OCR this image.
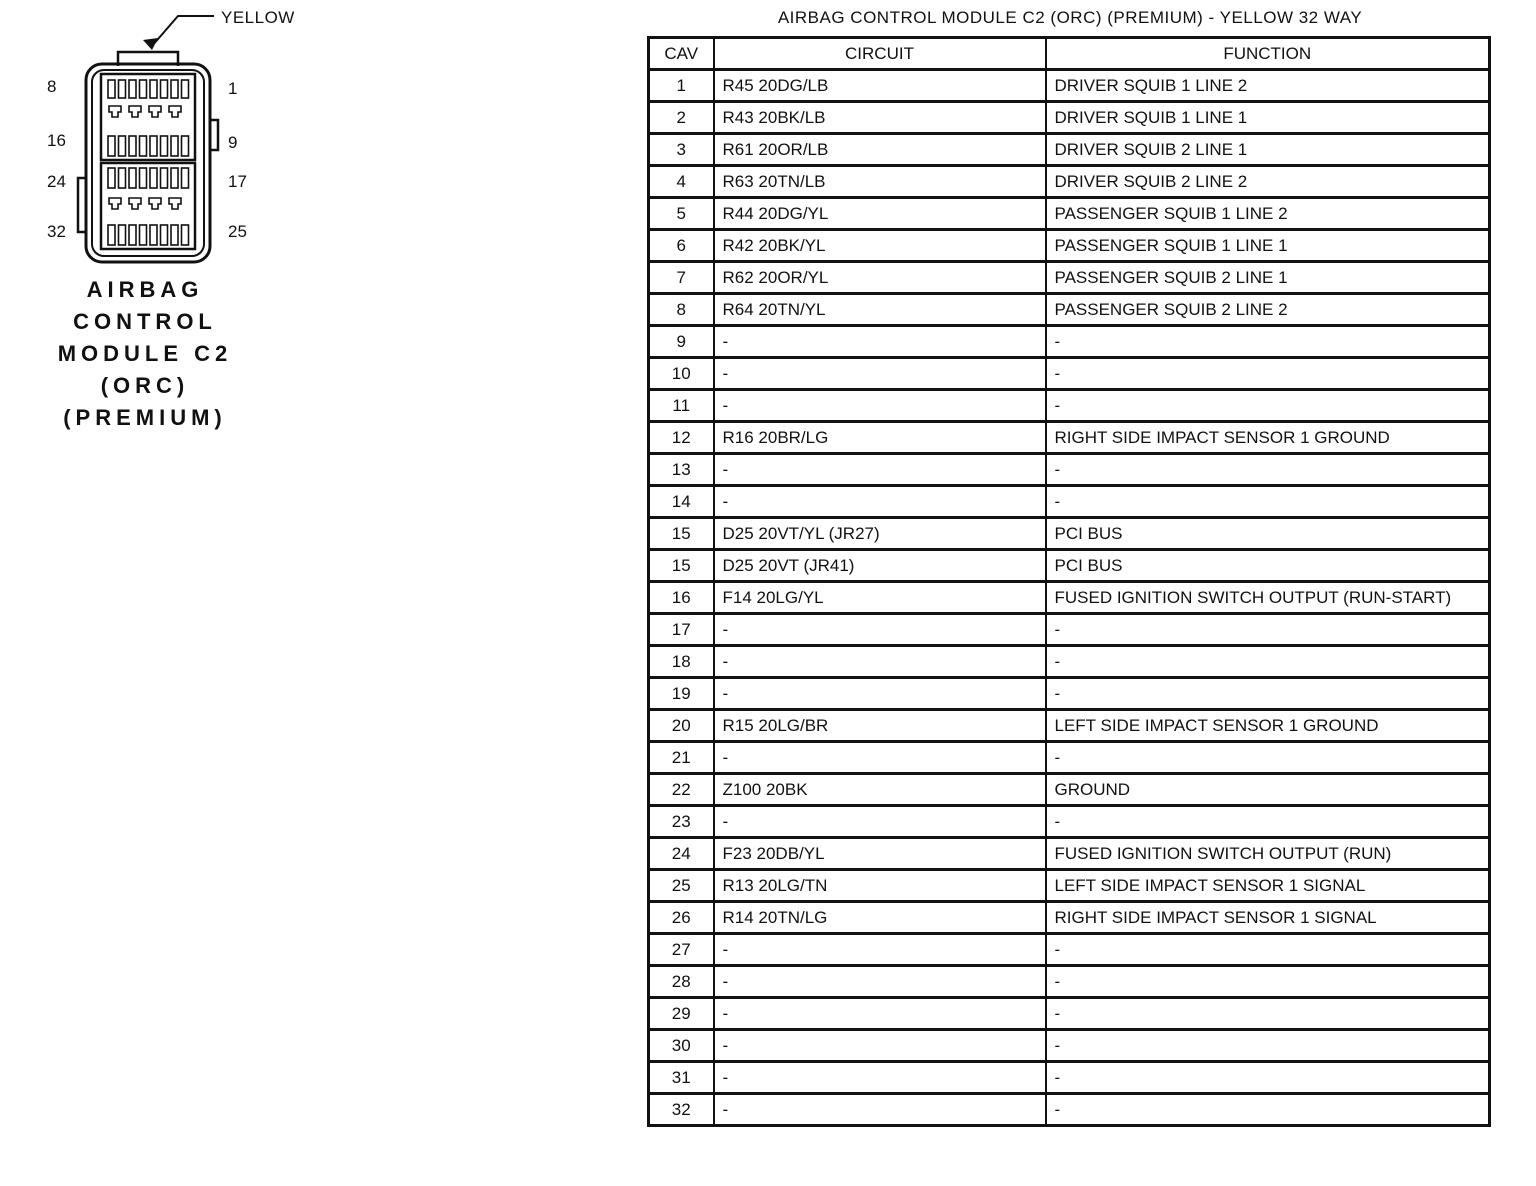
YELLOW
8	1
16	9
24	17
32	25
AIRBAG
CONTROL
MODULE C2
(ORC)
(PREMIUM)
AIRBAG CONTROL MODULE C2 (ORC) (PREMIUM) - YELLOW 32 WAY
CAV	CIRCUIT	FUNCTION
1	R45 20DG/LB	DRIVER SQUIB 1 LINE 2
2	R43 20BK/LB	DRIVER SQUIB 1 LINE 1
3	R61 20OR/LB	DRIVER SQUIB 2 LINE 1
4	R63 20TN/LB	DRIVER SQUIB 2 LINE 2
5	R44 20DG/YL	PASSENGER SQUIB 1 LINE 2
6	R42 20BK/YL	PASSENGER SQUIB 1 LINE 1
7	R62 20OR/YL	PASSENGER SQUIB 2 LINE 1
8	R64 20TN/YL	PASSENGER SQUIB 2 LINE 2
9	-	-
10	-	-
11	-	-
12	R16 20BR/LG	RIGHT SIDE IMPACT SENSOR 1 GROUND
13	-	-
14	-	-
15	D25 20VT/YL (JR27)	PCI BUS
15	D25 20VT (JR41)	PCI BUS
16	F14 20LG/YL	FUSED IGNITION SWITCH OUTPUT (RUN-START)
17	-	-
18	-	-
19	-	-
20	R15 20LG/BR	LEFT SIDE IMPACT SENSOR 1 GROUND
21	-	-
22	Z100 20BK	GROUND
23	-	-
24	F23 20DB/YL	FUSED IGNITION SWITCH OUTPUT (RUN)
25	R13 20LG/TN	LEFT SIDE IMPACT SENSOR 1 SIGNAL
26	R14 20TN/LG	RIGHT SIDE IMPACT SENSOR 1 SIGNAL
27	-	-
28	-	-
29	-	-
30	-	-
31	-	-
32	-	-
